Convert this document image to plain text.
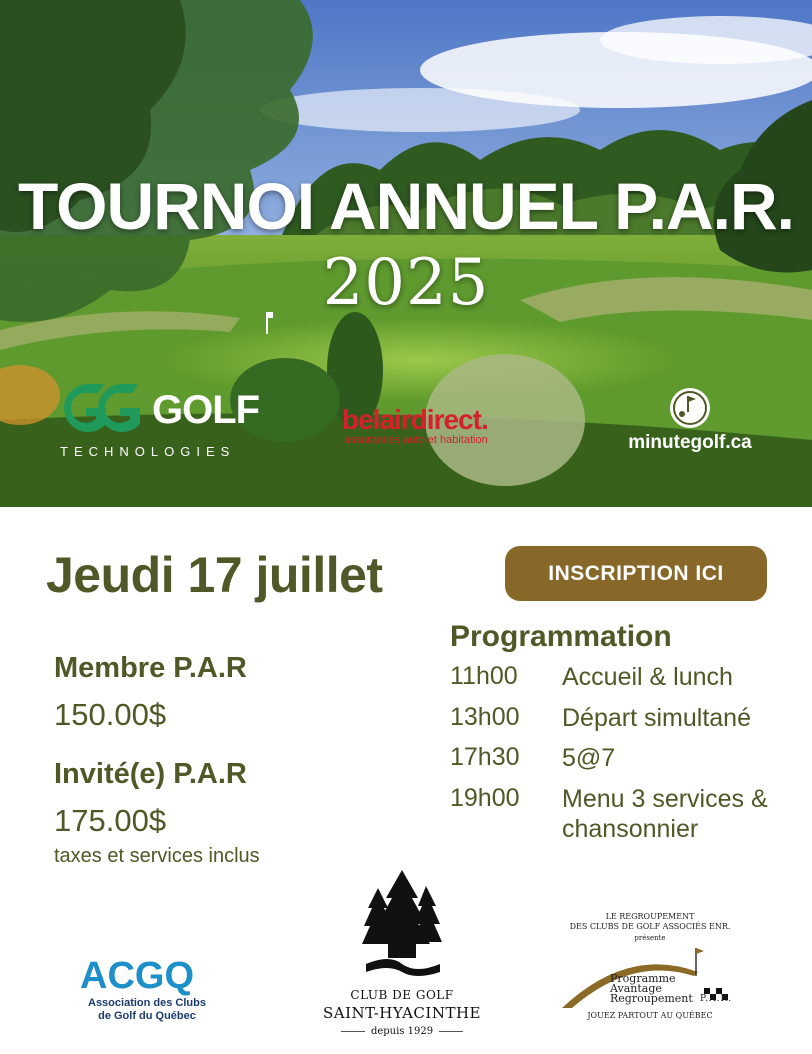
TOURNOI ANNUEL P.A.R.
2025
GOLF
TECHNOLOGIES
belairdirect.
assurances auto et habitation	minutegolf.ca
Jeudi 17 juillet	INSCRIPTION ICI
Membre P.A.R
150.00$
Invité(e) P.A.R
175.00$
taxes et services inclus
Programmation
11h00 Accueil & lunch
13h00 Départ simultané
17h30 5@7
19h00 Menu 3 services & chansonnier
ACGQ
Association des Clubs
de Golf du Québec
CLUB DE GOLF
SAINT-HYACINTHE
depuis 1929
LE REGROUPEMENT
DES CLUBS DE GOLF ASSOCIÉS ENR.
présente
Programme
Avantage
Regroupement P.A.R.
JOUEZ PARTOUT AU QUÉBEC
